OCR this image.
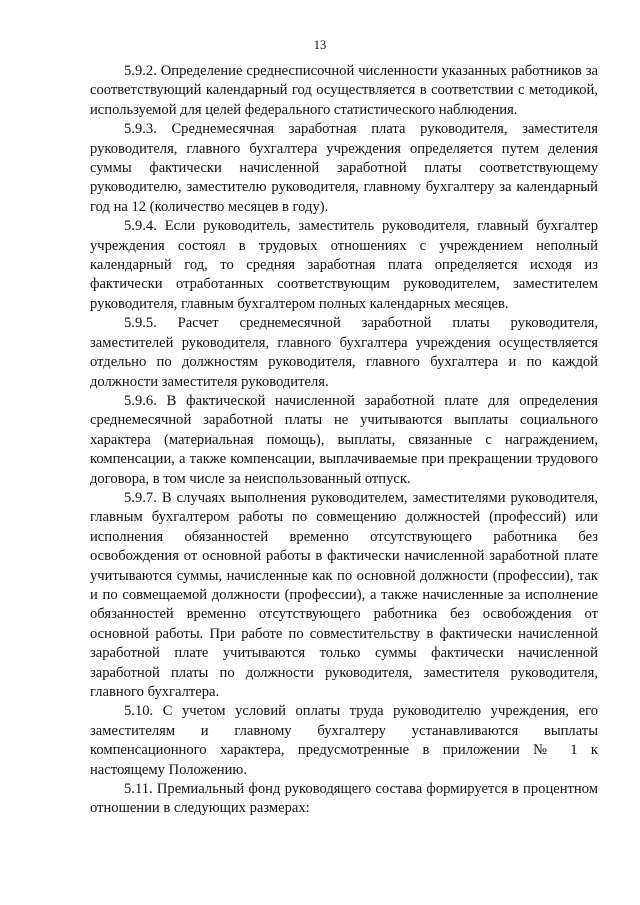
13

5.9.2. Определение среднесписочной численности указанных работников за соответствующий календарный год осуществляется в соответствии с методикой, используемой для целей федерального статистического наблюдения.

5.9.3. Среднемесячная заработная плата руководителя, заместителя руководителя, главного бухгалтера учреждения определяется путем деления суммы фактически начисленной заработной платы соответствующему руководителю, заместителю руководителя, главному бухгалтеру за календарный год на 12 (количество месяцев в году).

5.9.4. Если руководитель, заместитель руководителя, главный бухгалтер учреждения состоял в трудовых отношениях с учреждением неполный календарный год, то средняя заработная плата определяется исходя из фактически отработанных соответствующим руководителем, заместителем руководителя, главным бухгалтером полных календарных месяцев.

5.9.5. Расчет среднемесячной заработной платы руководителя, заместителей руководителя, главного бухгалтера учреждения осуществляется отдельно по должностям руководителя, главного бухгалтера и по каждой должности заместителя руководителя.

5.9.6. В фактической начисленной заработной плате для определения среднемесячной заработной платы не учитываются выплаты социального характера (материальная помощь), выплаты, связанные с награждением, компенсации, а также компенсации, выплачиваемые при прекращении трудового договора, в том числе за неиспользованный отпуск.

5.9.7. В случаях выполнения руководителем, заместителями руководителя, главным бухгалтером работы по совмещению должностей (профессий) или исполнения обязанностей временно отсутствующего работника без освобождения от основной работы в фактически начисленной заработной плате учитываются суммы, начисленные как по основной должности (профессии), так и по совмещаемой должности (профессии), а также начисленные за исполнение обязанностей временно отсутствующего работника без освобождения от основной работы. При работе по совместительству в фактически начисленной заработной плате учитываются только суммы фактически начисленной заработной платы по должности руководителя, заместителя руководителя, главного бухгалтера.

5.10. С учетом условий оплаты труда руководителю учреждения, его заместителям и главному бухгалтеру устанавливаются выплаты компенсационного характера, предусмотренные в приложении № 1 к настоящему Положению.

5.11. Премиальный фонд руководящего состава формируется в процентном отношении в следующих размерах:
